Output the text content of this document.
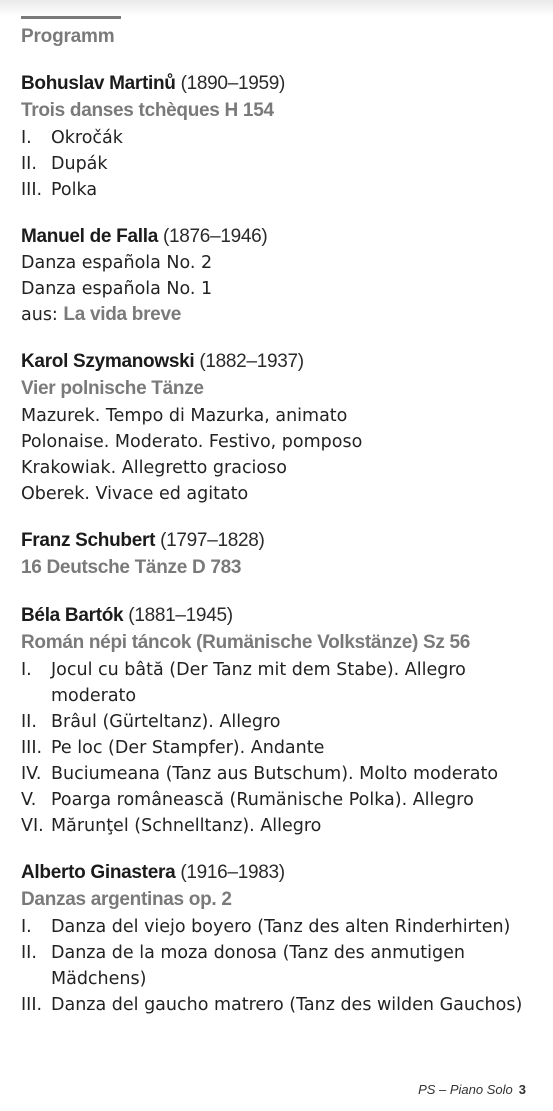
Programm
Bohuslav Martinů (1890–1959)
Trois danses tchèques H 154
I.	Okročák
II. Dupák
III. Polka
Manuel de Falla (1876–1946)
Danza española No. 2
Danza española No. 1
aus: La vida breve
Karol Szymanowski (1882–1937)
Vier polnische Tänze
Mazurek. Tempo di Mazurka, animato
Polonaise. Moderato. Festivo, pomposo
Krakowiak. Allegretto gracioso
Oberek. Vivace ed agitato
Franz Schubert (1797–1828)
16 Deutsche Tänze D 783
Béla Bartók (1881–1945)
Román népi táncok (Rumänische Volkstänze) Sz 56
I.	Jocul cu bâtă (Der Tanz mit dem Stabe). Allegro moderato
II. Brâul (Gürteltanz). Allegro
III. Pe loc (Der Stampfer). Andante
IV. Buciumeana (Tanz aus Butschum). Molto moderato
V. Poarga românească (Rumänische Polka). Allegro
VI. Mărunţel (Schnelltanz). Allegro
Alberto Ginastera (1916–1983)
Danzas argentinas op. 2
I.	Danza del viejo boyero (Tanz des alten Rinderhirten)
II. Danza de la moza donosa (Tanz des anmutigen Mädchens)
III. Danza del gaucho matrero (Tanz des wilden Gauchos)
PS – Piano Solo 3
